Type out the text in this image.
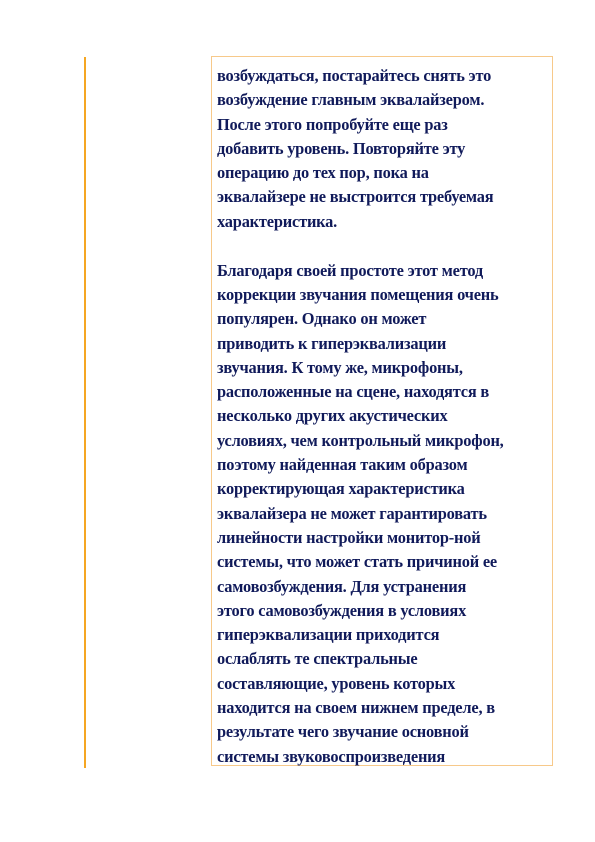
возбуждаться, постарайтесь снять это
возбуждение главным эквалайзером.
После этого попробуйте еще раз
добавить уровень. Повторяйте эту
операцию до тех пор, пока на
эквалайзере не выстроится требуемая
характеристика.

Благодаря своей простоте этот метод
коррекции звучания помещения очень
популярен. Однако он может
приводить к гиперэквализации
звучания. К тому же, микрофоны,
расположенные на сцене, находятся в
несколько других акустических
условиях, чем контрольный микрофон,
поэтому найденная таким образом
корректирующая характеристика
эквалайзера не может гарантировать
линейности настройки монитор-ной
системы, что может стать причиной ее
самовозбуждения. Для устранения
этого самовозбуждения в условиях
гиперэквализации приходится
ослаблять те спектральные
составляющие, уровень которых
находится на своем нижнем пределе, в
результате чего звучание основной
системы звуковоспроизведения
